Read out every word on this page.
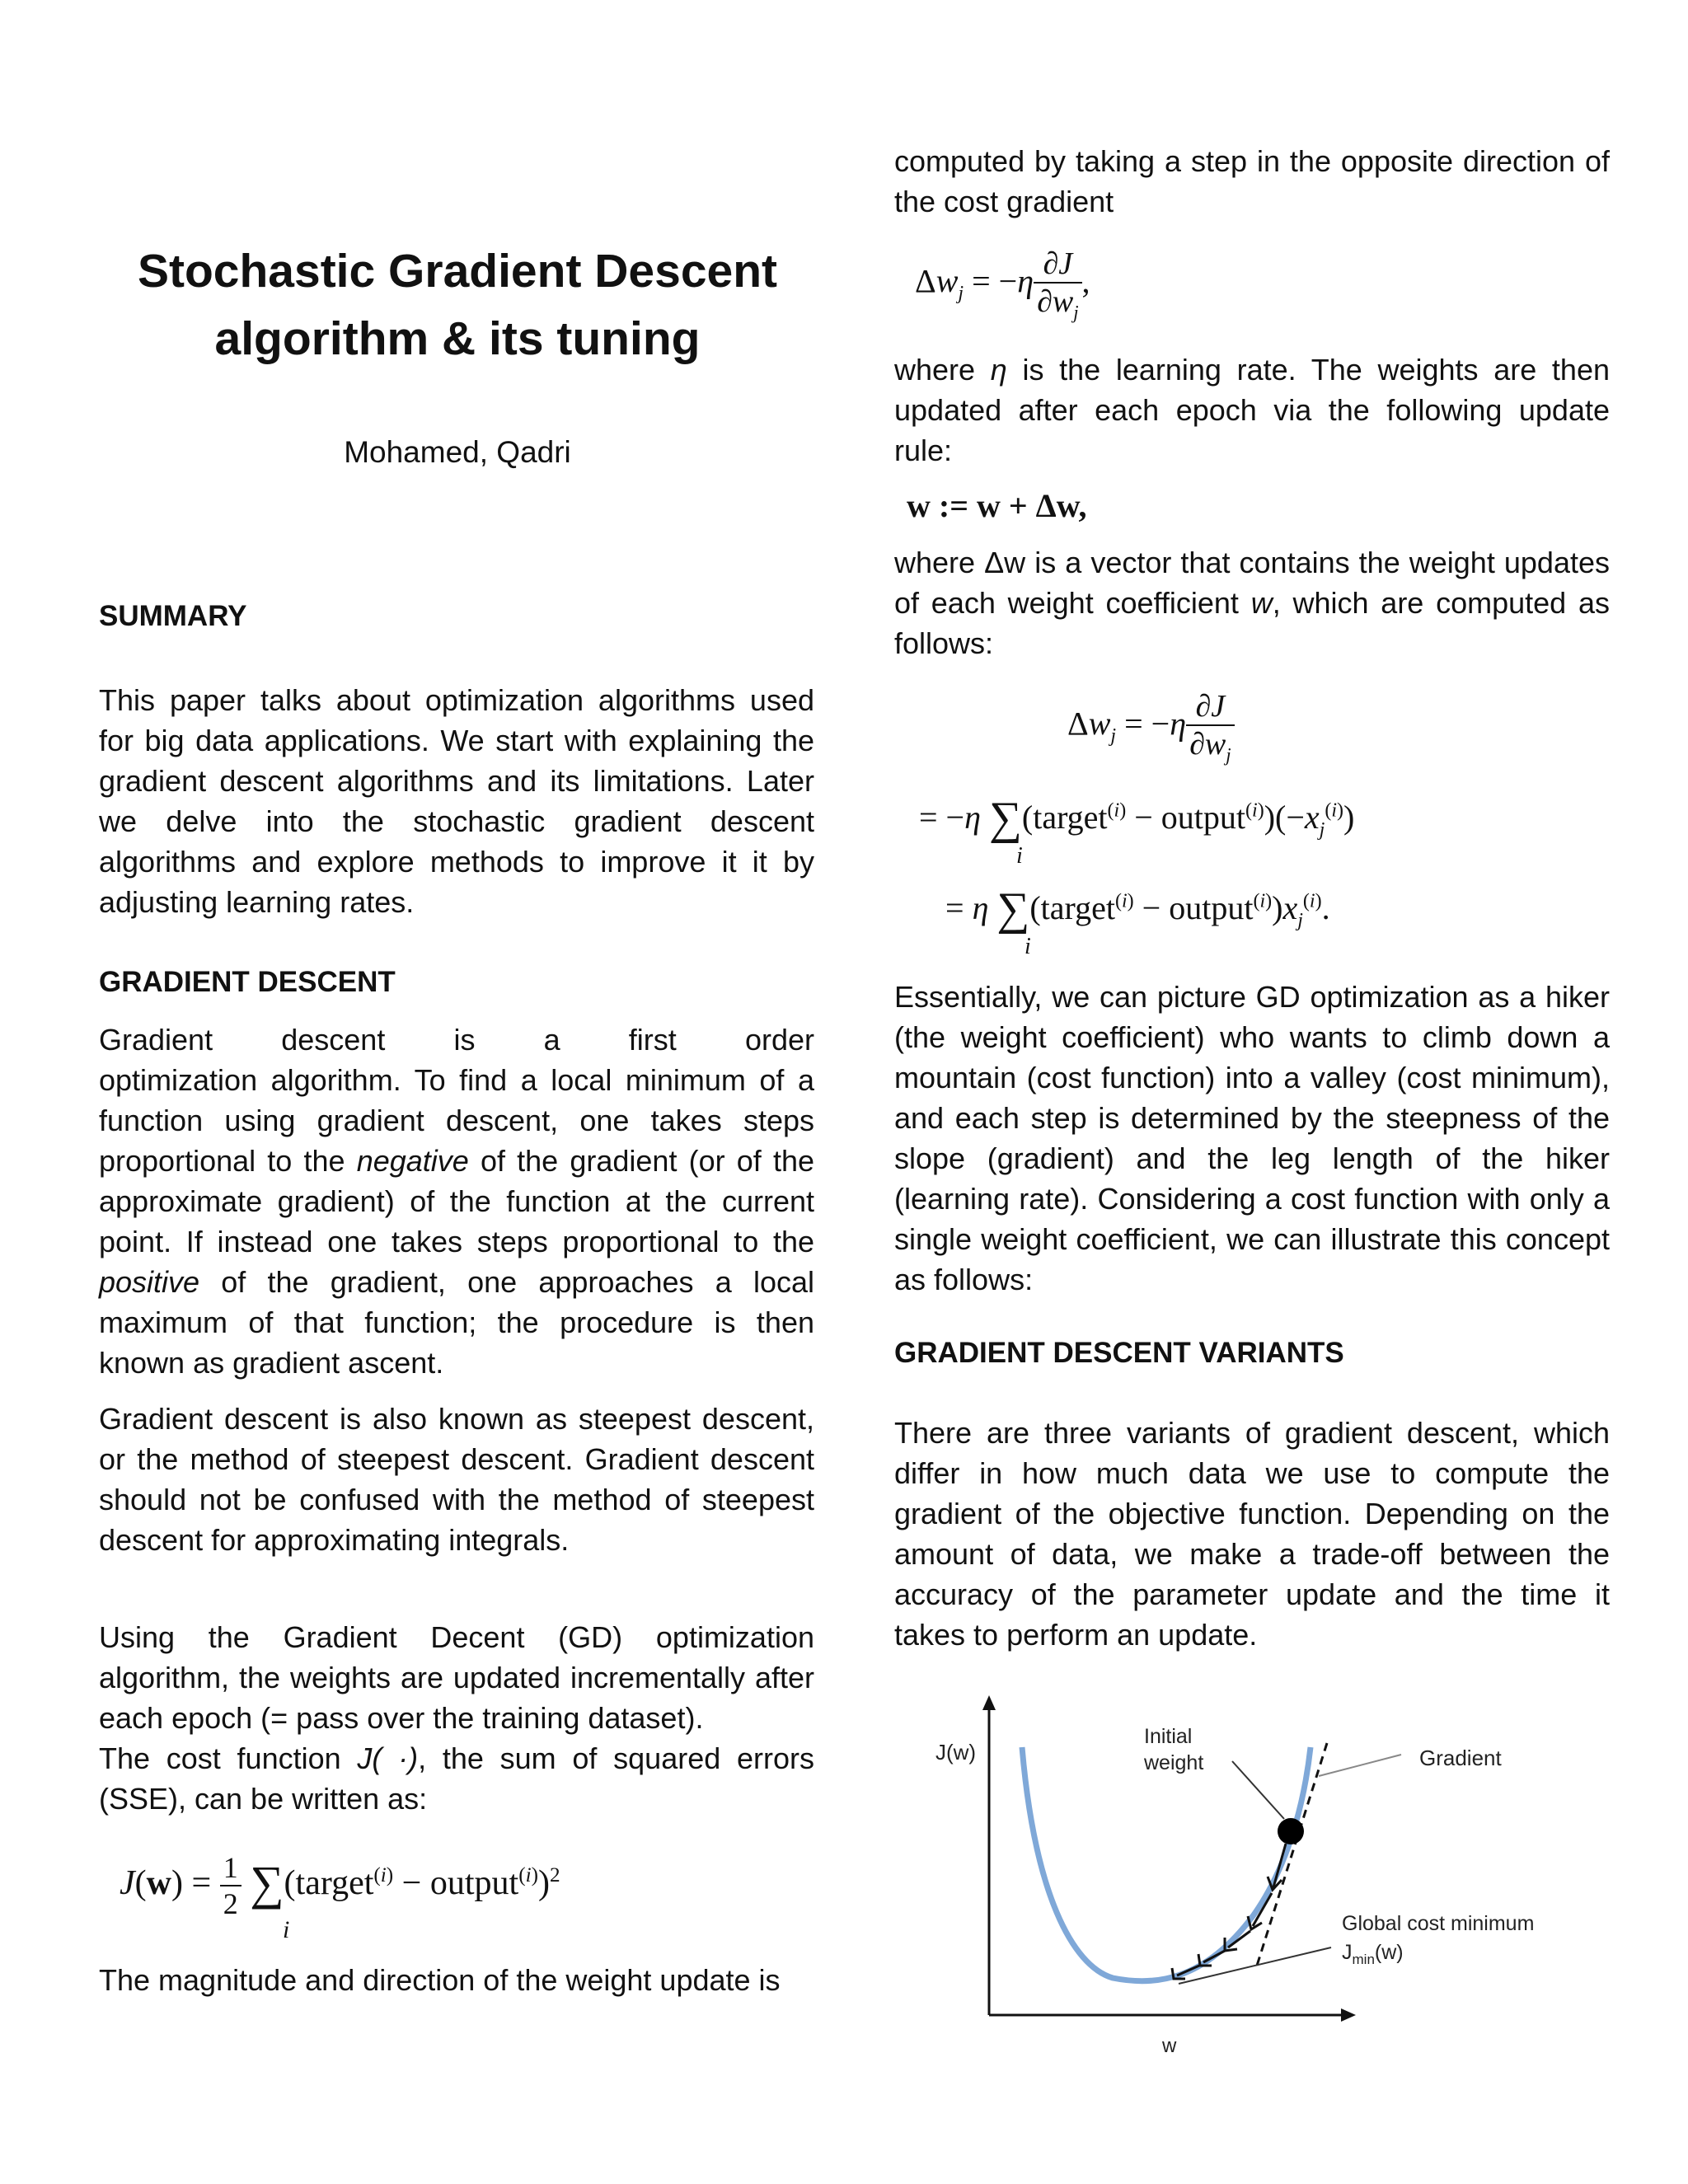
Stochastic Gradient Descent algorithm & its tuning
Mohamed, Qadri
SUMMARY
This paper talks about optimization algorithms used for big data applications. We start with explaining the gradient descent algorithms and its limitations. Later we delve into the stochastic gradient descent algorithms and explore methods to improve it it by adjusting learning rates.
GRADIENT DESCENT
Gradient descent is a first order
optimization algorithm. To find a local minimum of a function using gradient descent, one takes steps proportional to the negative of the gradient (or of the approximate gradient) of the function at the current point. If instead one takes steps proportional to the positive of the gradient, one approaches a local maximum of that function; the procedure is then known as gradient ascent.
Gradient descent is also known as steepest descent, or the method of steepest descent. Gradient descent should not be confused with the method of steepest descent for approximating integrals.
Using the Gradient Decent (GD) optimization algorithm, the weights are updated incrementally after each epoch (= pass over the training dataset).
The cost function J( ·), the sum of squared errors (SSE), can be written as:
$J(w) = \frac{1}{2}$ ∑(target$^{(i)}$ − output$^{(i)}$)$^2$
i
The magnitude and direction of the weight update is
computed by taking a step in the opposite direction of the cost gradient
$\Delta w_j = -\eta \frac{\partial J}{\partial w_j}$ ,
where η is the learning rate. The weights are then updated after each epoch via the following update rule:
w := w + Δw,
where Δw is a vector that contains the weight updates of each weight coefficient w, which are computed as follows:
$\Delta w_j = -\eta \frac{\partial J}{\partial w_j}$
= −η ∑(target$^{(i)}$ − $output^{(i)})(-x_j^{(i)})$
i
= η ∑(target$^{(i)}$ − $output^{(i)})x_j^{(i)}$.
i
Essentially, we can picture GD optimization as a hiker (the weight coefficient) who wants to climb down a mountain (cost function) into a valley (cost minimum), and each step is determined by the steepness of the slope (gradient) and the leg length of the hiker (learning rate). Considering a cost function with only a single weight coefficient, we can illustrate this concept as follows:
GRADIENT DESCENT VARIANTS
There are three variants of gradient descent, which differ in how much data we use to compute the gradient of the objective function. Depending on the amount of data, we make a trade-off between the accuracy of the parameter update and the time it takes to perform an update.
J(w)
w
Initial
weight	Gradient
Global cost minimum
$J_{min}(w)$
